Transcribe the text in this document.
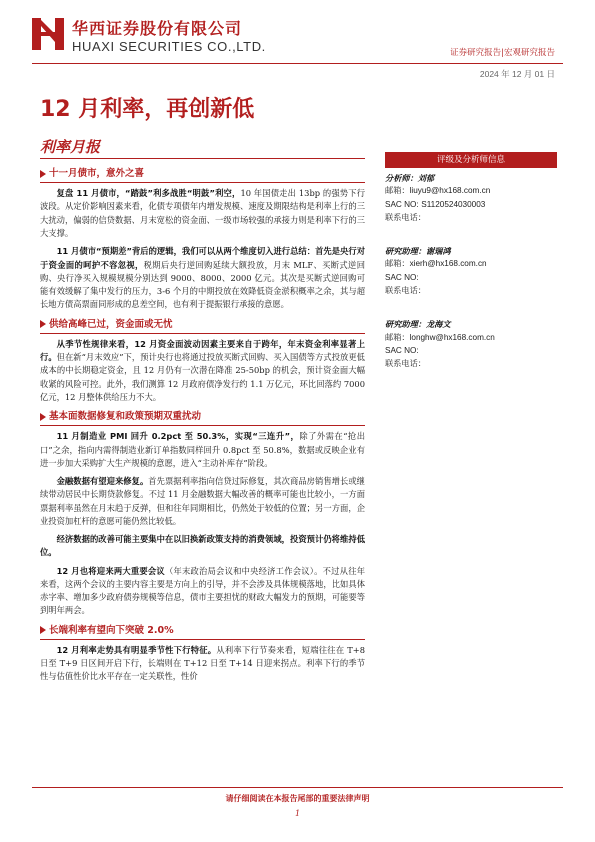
华西证券股份有限公司
HUAXI SECURITIES CO.,LTD.	证券研究报告|宏观研究报告
2024 年 12 月 01 日
12 月利率，再创新低
利率月报
十一月债市，意外之喜

复盘 11 月债市，“踏鼓”利多战胜“明鼓”利空，10 年国债走出 13bp 的强势下行波段。从定价影响因素来看，化债专项债年内增发规模、速度及期限结构是利率上行的三大扰动，偏弱的信贷数据、月末宽松的资金面、一级市场较强的承接力则是利率下行的三大支撑。

11 月债市“预期差”背后的逻辑，我们可以从两个维度切入进行总结：首先是央行对于资金面的呵护不容忽视，税期后央行逆回购延续大额投放，月末 MLF、买断式逆回购、央行净买入规模规模分别达到 9000、8000、2000 亿元。其次是买断式逆回购可能有效缓解了集中发行的压力，3-6 个月的中期投放在效降低资金淤积概率之余，其与超长地方债高票面同形成的息差空间，也有利于提振银行承接的意愿。

供给高峰已过，资金面或无忧

从季节性规律来看，12 月资金面波动因素主要来自于跨年，年末资金利率显著上行。但在新“月末效应”下，预计央行也将通过投放买断式回购、买入国债等方式投放更低成本的中长期稳定资金，且 12 月仍有一次潜在降准 25-50bp 的机会，预计资金面大幅收紧的风险可控。此外，我们测算 12 月政府债净发行约 1.1 万亿元，环比回落约 7000 亿元，12 月整体供给压力不大。

基本面数据修复和政策预期双重扰动

11 月制造业 PMI 回升 0.2pct 至 50.3%，实现“三连升”，除了外需在“抢出口”之余，指向内需得制造业新订单指数同样回升 0.8pct 至 50.8%，数据或反映企业有进一步加大采购扩大生产规模的意愿，进入“主动补库存”阶段。

金融数据有望迎来修复。首先票据利率指向信贷过际修复，其次商品房销售增长或继续带动居民中长期贷款修复。不过 11 月金融数据大幅改善的概率可能也比较小，一方面票据利率虽然在月末趋于反弹，但和往年同期相比，仍然处于较低的位置；另一方面，企业投资加杠杆的意愿可能仍然比较低。

经济数据的改善可能主要集中在以旧换新政策支持的消费领域，投资预计仍将维持低位。

12 月也将迎来两大重要会议（年末政治局会议和中央经济工作会议）。不过从往年来看，这两个会议的主要内容主要是方向上的引导，并不会涉及具体规模落地，比如具体赤字率、增加多少政府债券规模等信息，债市主要担忧的财政大幅发力的预期，可能要等到明年两会。

长端利率有望向下突破 2.0%

12 月利率走势具有明显季节性下行特征。从利率下行节奏来看，短端往往在 T+8 日至 T+9 日区间开启下行，长端则在 T+12 日至 T+14 日迎来拐点。利率下行的季节性与估值性价比水平存在一定关联性，性价

评级及分析师信息
分析师：刘郁
邮箱：liuyu9@hx168.com.cn
SAC NO: S1120524030003
联系电话：
研究助理：谢瑞鸿
邮箱：xierh@hx168.com.cn
SAC NO:
联系电话：
研究助理：龙海文
邮箱：longhw@hx168.com.cn
SAC NO:
联系电话：
请仔细阅读在本报告尾部的重要法律声明
1
